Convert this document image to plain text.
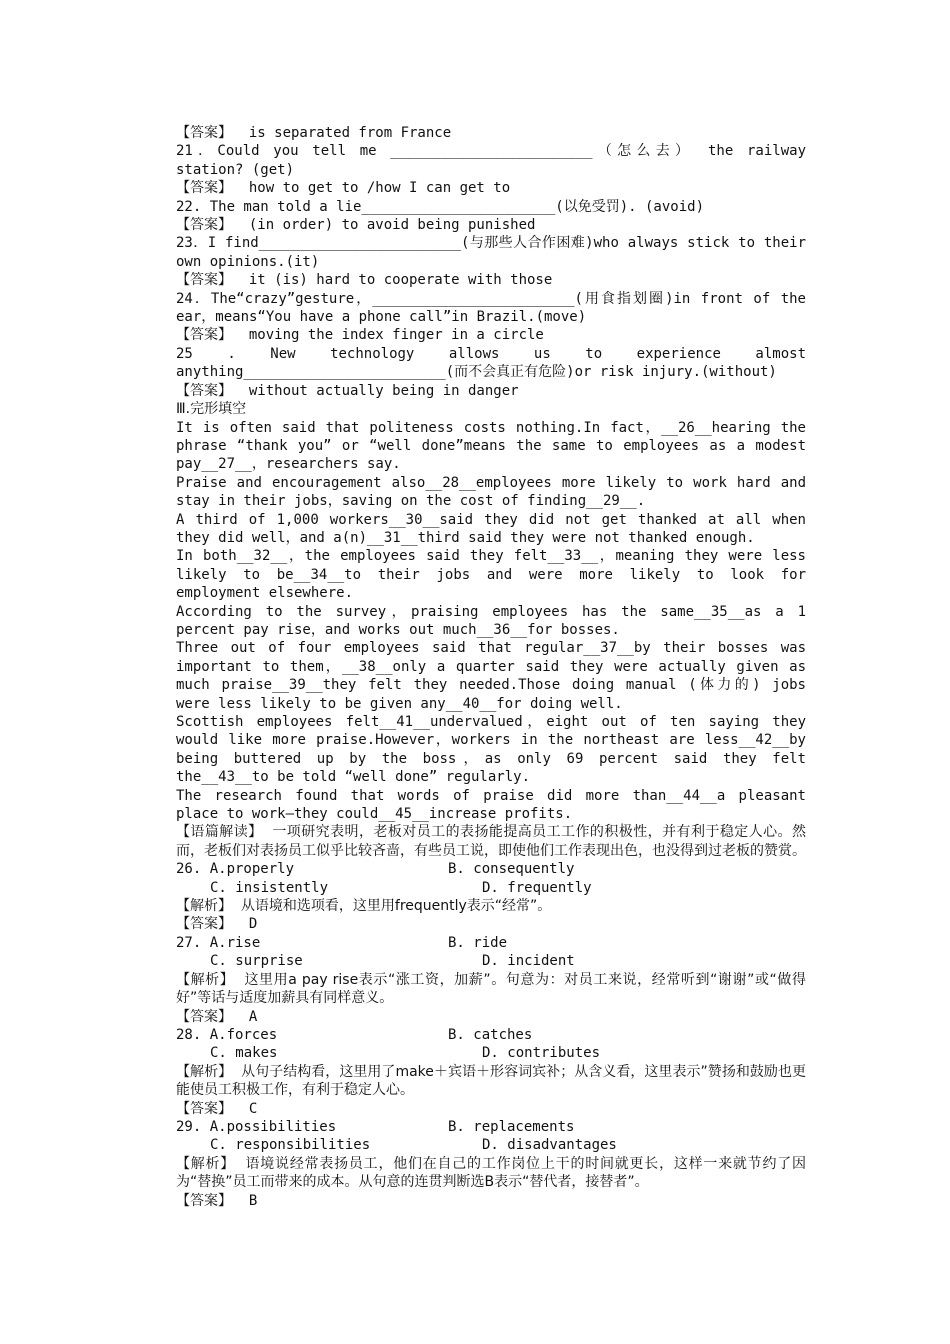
【答案】  is separated from France
21．Could you tell me ________________________（怎么去） the railway station? (get)
【答案】  how to get to /how I can get to
22. The man told a lie_______________________(以免受罚). (avoid)
【答案】  (in order) to avoid being punished
23．I find________________________(与那些人合作困难)who always stick to their own opinions.(it)
【答案】  it (is) hard to cooperate with those
24．The“crazy”gesture，________________________(用食指划圈)in front of the ear，means“You have a phone call”in Brazil.(move)
【答案】  moving the index finger in a circle
25 . New technology allows us to experience almost anything________________________(而不会真正有危险)or risk injury.(without)
【答案】  without actually being in danger
Ⅲ.完形填空
It is often said that politeness costs nothing.In fact，__26__hearing the phrase “thank you” or “well done”means the same to employees as a modest pay__27__，researchers say.
Praise and encouragement also__28__employees more likely to work hard and stay in their jobs，saving on the cost of finding__29__.
A third of 1,000 workers__30__said they did not get thanked at all when they did well，and a(n)__31__third said they were not thanked enough.
In both__32__，the employees said they felt__33__，meaning they were less likely to be__34__to their jobs and were more likely to look for employment elsewhere.
According to the survey，praising employees has the same__35__as a 1 percent pay rise，and works out much__36__for bosses.
Three out of four employees said that regular__37__by their bosses was important to them，__38__only a quarter said they were actually given as much praise__39__they felt they needed.Those doing manual (体力的) jobs were less likely to be given any__40__for doing well.
Scottish employees felt__41__undervalued，eight out of ten saying they would like more praise.However，workers in the northeast are less__42__by being buttered up by the boss，as only 69 percent said they felt the__43__to be told “well done” regularly.
The research found that words of praise did more than__44__a pleasant place to work—they could__45__increase profits.
【语篇解读】  一项研究表明，老板对员工的表扬能提高员工工作的积极性，并有利于稳定人心。然而，老板们对表扬员工似乎比较吝啬，有些员工说，即使他们工作表现出色，也没得到过老板的赞赏。
26. A.properly	B. consequently
C. insistently	D. frequently
【解析】  从语境和选项看，这里用frequently表示“经常”。
【答案】  D
27. A.rise	B. ride
C. surprise	D. incident
【解析】  这里用a pay rise表示“涨工资，加薪”。句意为：对员工来说，经常听到“谢谢”或“做得好”等话与适度加薪具有同样意义。
【答案】  A
28. A.forces	B. catches
C. makes	D. contributes
【解析】  从句子结构看，这里用了make＋宾语＋形容词宾补；从含义看，这里表示”赞扬和鼓励也更能使员工积极工作，有利于稳定人心。
【答案】  C
29. A.possibilities	B. replacements
C. responsibilities	D. disadvantages
【解析】  语境说经常表扬员工，他们在自己的工作岗位上干的时间就更长，这样一来就节约了因为“替换”员工而带来的成本。从句意的连贯判断选B表示“替代者，接替者”。
【答案】  B
